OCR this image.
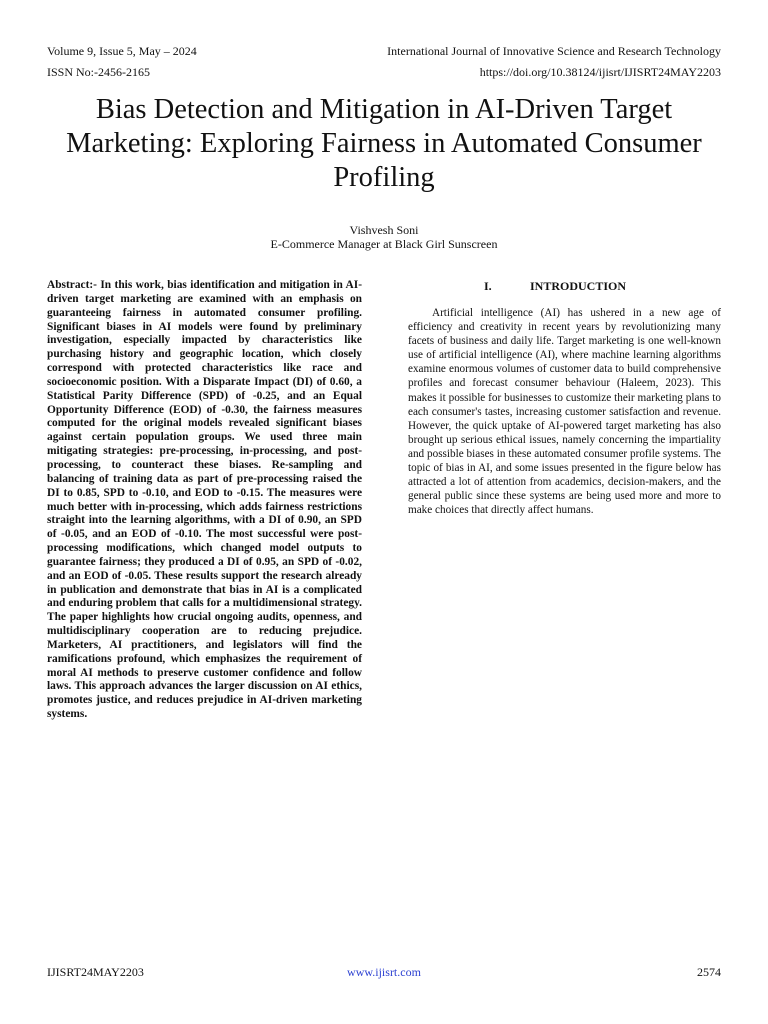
Volume 9, Issue 5, May – 2024	International Journal of Innovative Science and Research Technology
ISSN No:-2456-2165	https://doi.org/10.38124/ijisrt/IJISRT24MAY2203
Bias Detection and Mitigation in AI-Driven Target Marketing: Exploring Fairness in Automated Consumer Profiling
Vishvesh Soni
E-Commerce Manager at Black Girl Sunscreen
Abstract:- In this work, bias identification and mitigation in AI-driven target marketing are examined with an emphasis on guaranteeing fairness in automated consumer profiling. Significant biases in AI models were found by preliminary investigation, especially impacted by characteristics like purchasing history and geographic location, which closely correspond with protected characteristics like race and socioeconomic position. With a Disparate Impact (DI) of 0.60, a Statistical Parity Difference (SPD) of -0.25, and an Equal Opportunity Difference (EOD) of -0.30, the fairness measures computed for the original models revealed significant biases against certain population groups. We used three main mitigating strategies: pre-processing, in-processing, and post-processing, to counteract these biases. Re-sampling and balancing of training data as part of pre-processing raised the DI to 0.85, SPD to -0.10, and EOD to -0.15. The measures were much better with in-processing, which adds fairness restrictions straight into the learning algorithms, with a DI of 0.90, an SPD of -0.05, and an EOD of -0.10. The most successful were post-processing modifications, which changed model outputs to guarantee fairness; they produced a DI of 0.95, an SPD of -0.02, and an EOD of -0.05. These results support the research already in publication and demonstrate that bias in AI is a complicated and enduring problem that calls for a multidimensional strategy. The paper highlights how crucial ongoing audits, openness, and multidisciplinary cooperation are to reducing prejudice. Marketers, AI practitioners, and legislators will find the ramifications profound, which emphasizes the requirement of moral AI methods to preserve customer confidence and follow laws. This approach advances the larger discussion on AI ethics, promotes justice, and reduces prejudice in AI-driven marketing systems.
I.	INTRODUCTION
Artificial intelligence (AI) has ushered in a new age of efficiency and creativity in recent years by revolutionizing many facets of business and daily life. Target marketing is one well-known use of artificial intelligence (AI), where machine learning algorithms examine enormous volumes of customer data to build comprehensive profiles and forecast consumer behaviour (Haleem, 2023). This makes it possible for businesses to customize their marketing plans to each consumer's tastes, increasing customer satisfaction and revenue. However, the quick uptake of AI-powered target marketing has also brought up serious ethical issues, namely concerning the impartiality and possible biases in these automated consumer profile systems. The topic of bias in AI, and some issues presented in the figure below has attracted a lot of attention from academics, decision-makers, and the general public since these systems are being used more and more to make choices that directly affect humans.
IJISRT24MAY2203	www.ijisrt.com	2574
